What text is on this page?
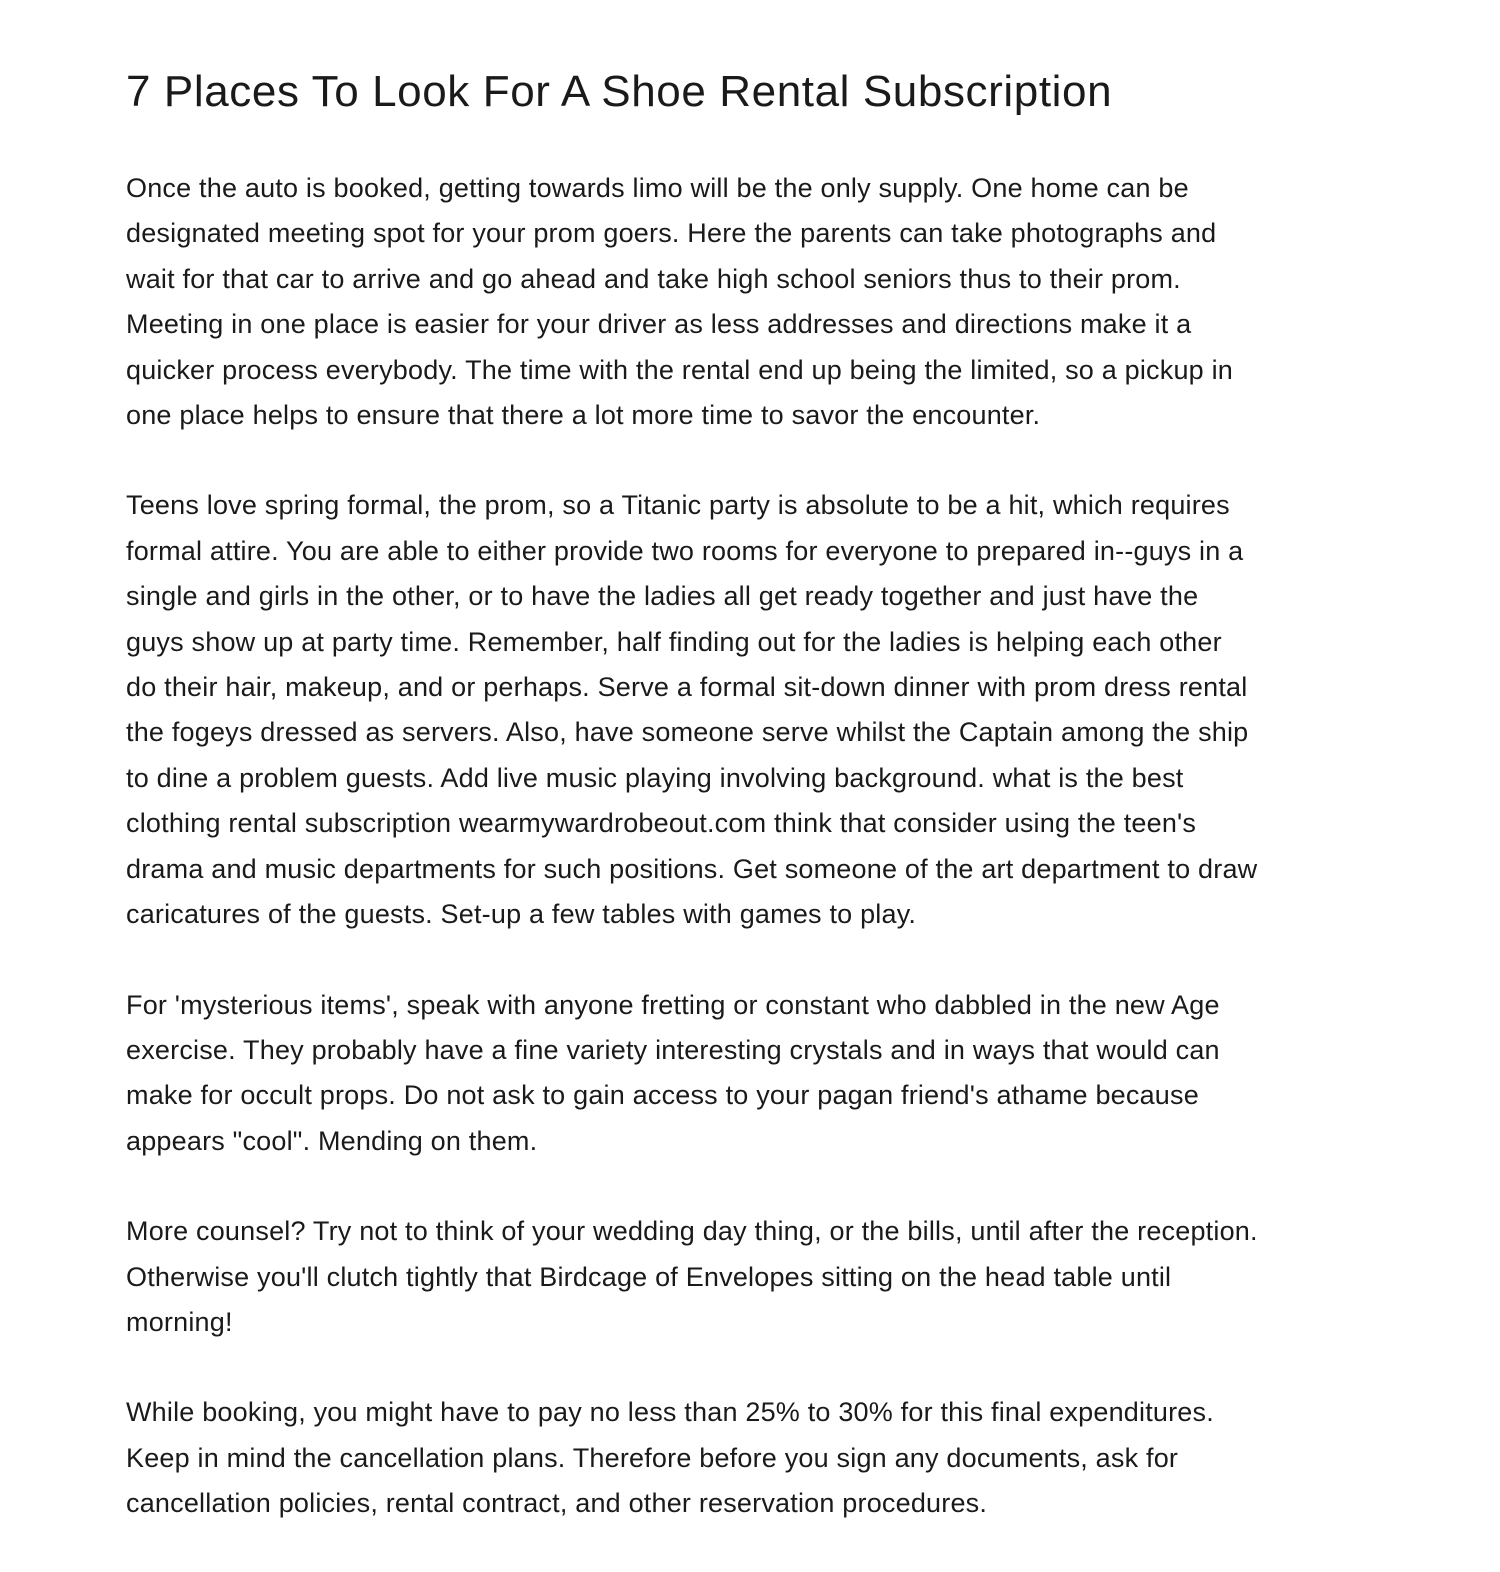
7 Places To Look For A Shoe Rental Subscription

Once the auto is booked, getting towards limo will be the only supply. One home can be
designated meeting spot for your prom goers. Here the parents can take photographs and
wait for that car to arrive and go ahead and take high school seniors thus to their prom.
Meeting in one place is easier for your driver as less addresses and directions make it a
quicker process everybody. The time with the rental end up being the limited, so a pickup in
one place helps to ensure that there a lot more time to savor the encounter.

Teens love spring formal, the prom, so a Titanic party is absolute to be a hit, which requires
formal attire. You are able to either provide two rooms for everyone to prepared in--guys in a
single and girls in the other, or to have the ladies all get ready together and just have the
guys show up at party time. Remember, half finding out for the ladies is helping each other
do their hair, makeup, and or perhaps. Serve a formal sit-down dinner with prom dress rental
the fogeys dressed as servers. Also, have someone serve whilst the Captain among the ship
to dine a problem guests. Add live music playing involving background. what is the best
clothing rental subscription wearmywardrobeout.com think that consider using the teen's
drama and music departments for such positions. Get someone of the art department to draw
caricatures of the guests. Set-up a few tables with games to play.

For 'mysterious items', speak with anyone fretting or constant who dabbled in the new Age
exercise. They probably have a fine variety interesting crystals and in ways that would can
make for occult props. Do not ask to gain access to your pagan friend's athame because
appears "cool". Mending on them.

More counsel? Try not to think of your wedding day thing, or the bills, until after the reception.
Otherwise you'll clutch tightly that Birdcage of Envelopes sitting on the head table until
morning!

While booking, you might have to pay no less than 25% to 30% for this final expenditures.
Keep in mind the cancellation plans. Therefore before you sign any documents, ask for
cancellation policies, rental contract, and other reservation procedures.
